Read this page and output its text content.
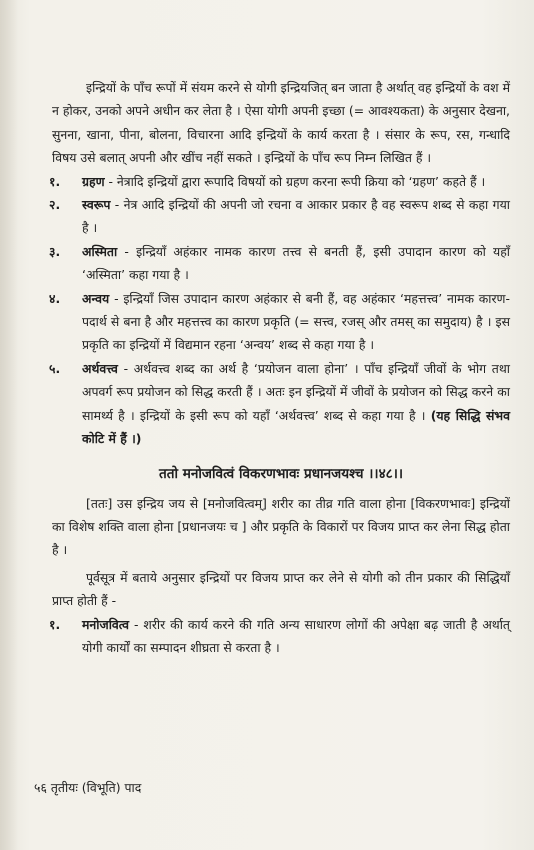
इन्द्रियों के पाँच रूपों में संयम करने से योगी इन्द्रियजित् बन जाता है अर्थात् वह इन्द्रियों के वश में न होकर, उनको अपने अधीन कर लेता है । ऐसा योगी अपनी इच्छा (= आवश्यकता) के अनुसार देखना, सुनना, खाना, पीना, बोलना, विचारना आदि इन्द्रियों के कार्य करता है । संसार के रूप, रस, गन्धादि विषय उसे बलात् अपनी और खींच नहीं सकते । इन्द्रियों के पाँच रूप निम्न लिखित हैं ।

१. ग्रहण - नेत्रादि इन्द्रियों द्वारा रूपादि विषयों को ग्रहण करना रूपी क्रिया को ‘ग्रहण’ कहते हैं ।
२. स्वरूप - नेत्र आदि इन्द्रियों की अपनी जो रचना व आकार प्रकार है वह स्वरूप शब्द से कहा गया है ।
३. अस्मिता - इन्द्रियाँ अहंकार नामक कारण तत्त्व से बनती हैं, इसी उपादान कारण को यहाँ ‘अस्मिता’ कहा गया है ।
४. अन्वय - इन्द्रियाँ जिस उपादान कारण अहंकार से बनी हैं, वह अहंकार ‘महत्तत्त्व’ नामक कारण-पदार्थ से बना है और महत्तत्त्व का कारण प्रकृति (= सत्त्व, रजस् और तमस् का समुदाय) है । इस प्रकृति का इन्द्रियों में विद्यमान रहना ‘अन्वय’ शब्द से कहा गया है ।
५. अर्थवत्त्व - अर्थवत्त्व शब्द का अर्थ है ‘प्रयोजन वाला होना’ । पाँच इन्द्रियाँ जीवों के भोग तथा अपवर्ग रूप प्रयोजन को सिद्ध करती हैं । अतः इन इन्द्रियों में जीवों के प्रयोजन को सिद्ध करने का सामर्थ्य है । इन्द्रियों के इसी रूप को यहाँ ‘अर्थवत्त्व’ शब्द से कहा गया है । (यह सिद्धि संभव कोटि में हैं ।)
ततो मनोजवित्वं विकरणभावः प्रधानजयश्च ।।४८।।

[ततः] उस इन्द्रिय जय से [मनोजवित्वम्] शरीर का तीव्र गति वाला होना [विकरणभावः] इन्द्रियों का विशेष शक्ति वाला होना [प्रधानजयः च ] और प्रकृति के विकारों पर विजय प्राप्त कर लेना सिद्ध होता है ।

पूर्वसूत्र में बताये अनुसार इन्द्रियों पर विजय प्राप्त कर लेने से योगी को तीन प्रकार की सिद्धियाँ प्राप्त होती हैं -

१. मनोजवित्व - शरीर की कार्य करने की गति अन्य साधारण लोगों की अपेक्षा बढ़ जाती है अर्थात् योगी कार्यों का सम्पादन शीघ्रता से करता है ।
५६ तृतीयः (विभूति) पाद
